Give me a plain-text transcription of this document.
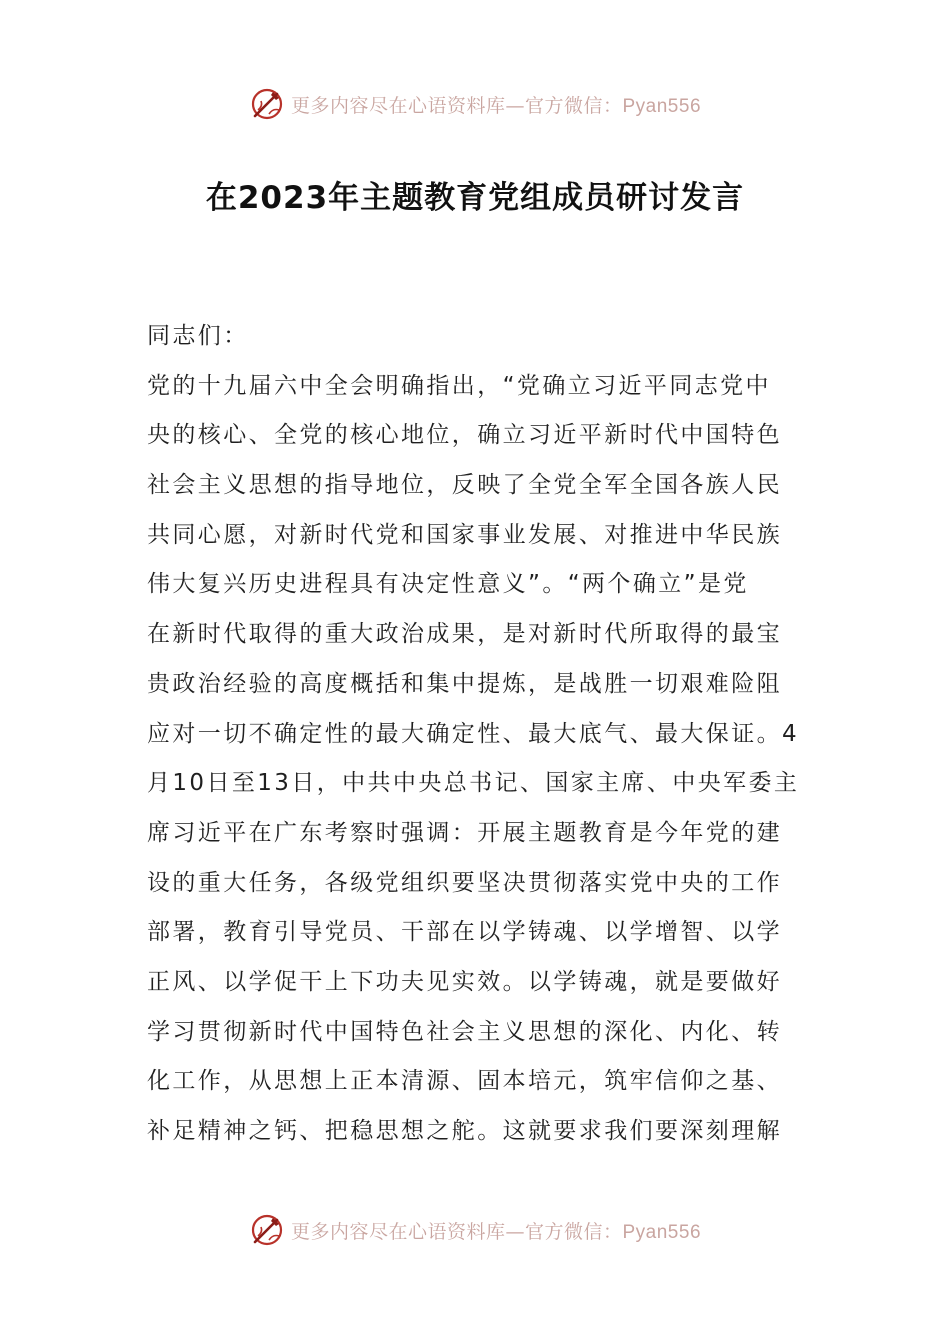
更多内容尽在心语资料库—官方微信：Pyan556
在2023年主题教育党组成员研讨发言
同志们：
党的十九届六中全会明确指出，“党确立习近平同志党中
央的核心、全党的核心地位，确立习近平新时代中国特色
社会主义思想的指导地位，反映了全党全军全国各族人民
共同心愿，对新时代党和国家事业发展、对推进中华民族
伟大复兴历史进程具有决定性意义”。“两个确立”是党
在新时代取得的重大政治成果，是对新时代所取得的最宝
贵政治经验的高度概括和集中提炼，是战胜一切艰难险阻
应对一切不确定性的最大确定性、最大底气、最大保证。4
月10日至13日，中共中央总书记、国家主席、中央军委主
席习近平在广东考察时强调：开展主题教育是今年党的建
设的重大任务，各级党组织要坚决贯彻落实党中央的工作
部署，教育引导党员、干部在以学铸魂、以学增智、以学
正风、以学促干上下功夫见实效。以学铸魂，就是要做好
学习贯彻新时代中国特色社会主义思想的深化、内化、转
化工作，从思想上正本清源、固本培元，筑牢信仰之基、
补足精神之钙、把稳思想之舵。这就要求我们要深刻理解
更多内容尽在心语资料库—官方微信：Pyan556
